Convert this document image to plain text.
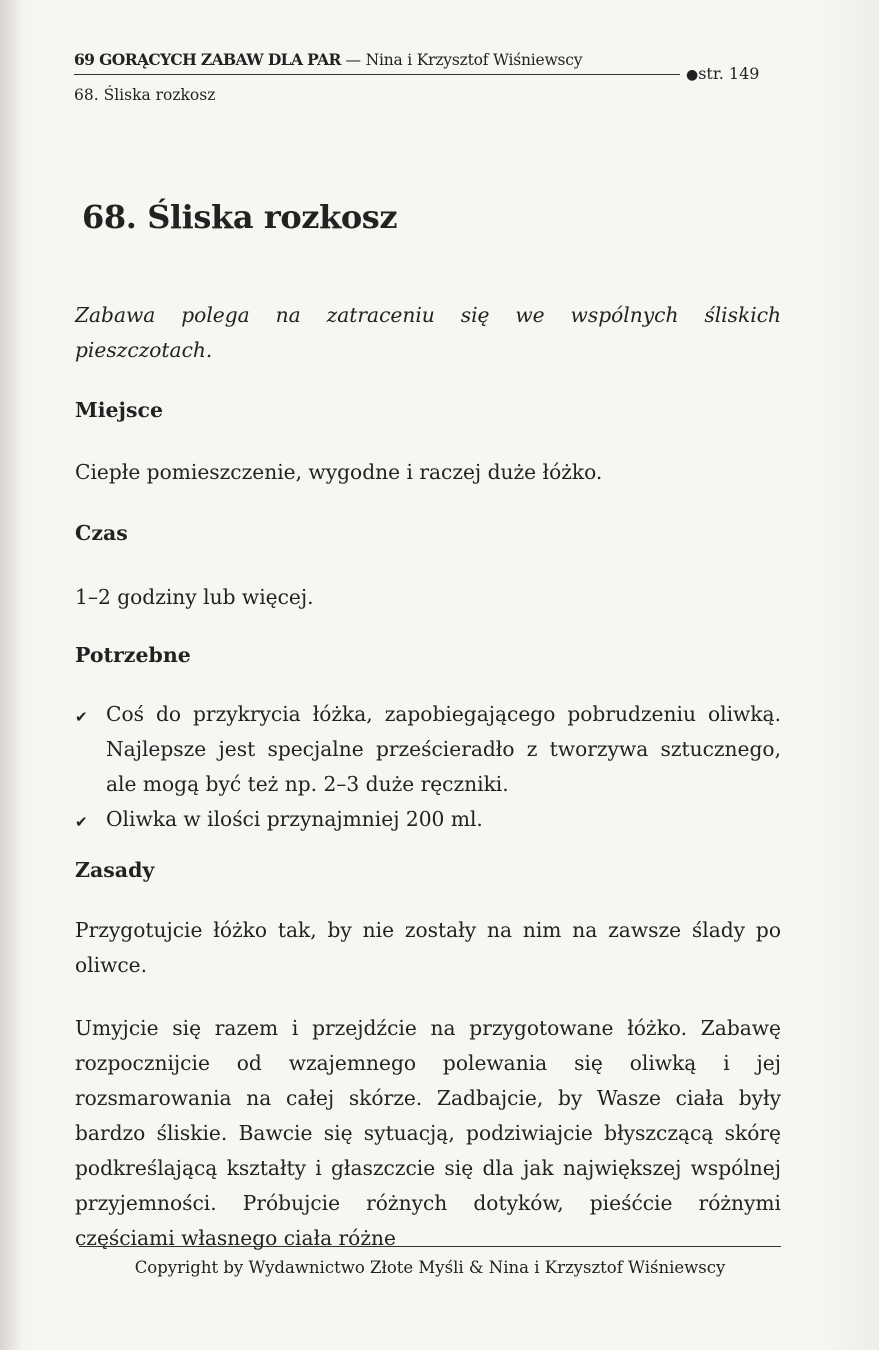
69 GORĄCYCH ZABAW DLA PAR — Nina i Krzysztof Wiśniewscy
●str. 149
68. Śliska rozkosz
68. Śliska rozkosz

Zabawa polega na zatraceniu się we wspólnych śliskich pieszczotach.

Miejsce

Ciepłe pomieszczenie, wygodne i raczej duże łóżko.

Czas

1–2 godziny lub więcej.

Potrzebne
✔ Coś do przykrycia łóżka, zapobiegającego pobrudzeniu oliwką. Najlepsze jest specjalne prześcieradło z tworzywa sztucznego, ale mogą być też np. 2–3 duże ręczniki.
✔ Oliwka w ilości przynajmniej 200 ml.
Zasady

Przygotujcie łóżko tak, by nie zostały na nim na zawsze ślady po oliwce.

Umyjcie się razem i przejdźcie na przygotowane łóżko. Zabawę rozpocznijcie od wzajemnego polewania się oliwką i jej rozsmarowania na całej skórze. Zadbajcie, by Wasze ciała były bardzo śliskie. Bawcie się sytuacją, podziwiajcie błyszczącą skórę podkreślającą kształty i głaszczcie się dla jak największej wspólnej przyjemności. Próbujcie różnych dotyków, pieśćcie różnymi częściami własnego ciała różne

Copyright by Wydawnictwo Złote Myśli & Nina i Krzysztof Wiśniewscy
